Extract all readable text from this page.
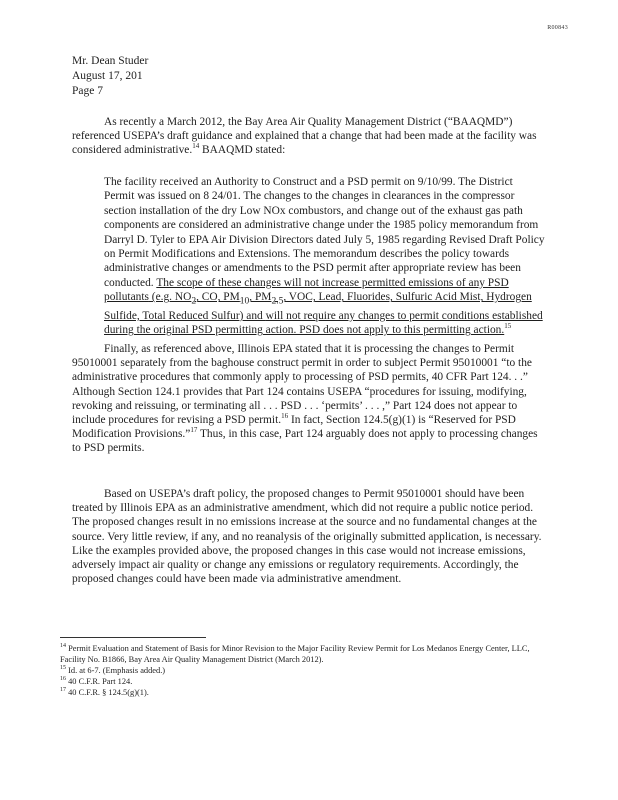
R00843
Mr. Dean Studer
August 17, 201
Page 7

As recently a March 2012, the Bay Area Air Quality Management District (“BAAQMD”) referenced USEPA’s draft guidance and explained that a change that had been made at the facility was considered administrative.$^{14}$ BAAQMD stated:

The facility received an Authority to Construct and a PSD permit on 9/10/99. The District Permit was issued on 8 24/01. The changes to the changes in clearances in the compressor section installation of the dry Low NOx combustors, and change out of the exhaust gas path components are considered an administrative change under the 1985 policy memorandum from Darryl D. Tyler to EPA Air Division Directors dated July 5, 1985 regarding Revised Draft Policy on Permit Modifications and Extensions. The memorandum describes the policy towards administrative changes or amendments to the PSD permit after appropriate review has been conducted. The scope of these changes will not increase permitted emissions of any PSD pollutants (e.g. $NO_2$, CO, $PM_{10}$, $PM_{2.5}$, VOC, Lead, Fluorides, Sulfuric Acid Mist, Hydrogen Sulfide, Total Reduced Sulfur) and will not require any changes to permit conditions established during the original PSD permitting action. PSD does not apply to this permitting action.$^{15}$

Finally, as referenced above, Illinois EPA stated that it is processing the changes to Permit 95010001 separately from the baghouse construct permit in order to subject Permit 95010001 “to the administrative procedures that commonly apply to processing of PSD permits, 40 CFR Part 124. . .” Although Section 124.1 provides that Part 124 contains USEPA “procedures for issuing, modifying, revoking and reissuing, or terminating all . . . PSD . . . ‘permits’ . . . ,” Part 124 does not appear to include procedures for revising a PSD permit.$^{16}$ In fact, Section 124.5(g)(1) is “Reserved for PSD Modification Provisions.”$^{17}$ Thus, in this case, Part 124 arguably does not apply to processing changes to PSD permits.

Based on USEPA’s draft policy, the proposed changes to Permit 95010001 should have been treated by Illinois EPA as an administrative amendment, which did not require a public notice period. The proposed changes result in no emissions increase at the source and no fundamental changes at the source. Very little review, if any, and no reanalysis of the originally submitted application, is necessary. Like the examples provided above, the proposed changes in this case would not increase emissions, adversely impact air quality or change any emissions or regulatory requirements. Accordingly, the proposed changes could have been made via administrative amendment.

$^{14}$ Permit Evaluation and Statement of Basis for Minor Revision to the Major Facility Review Permit for Los Medanos Energy Center, LLC, Facility No. B1866, Bay Area Air Quality Management District (March 2012).

$^{15}$ Id. at 6-7. (Emphasis added.)

$^{16}$ 40 C.F.R. Part 124.

$^{17}$ 40 C.F.R. § 124.5(g)(1).
